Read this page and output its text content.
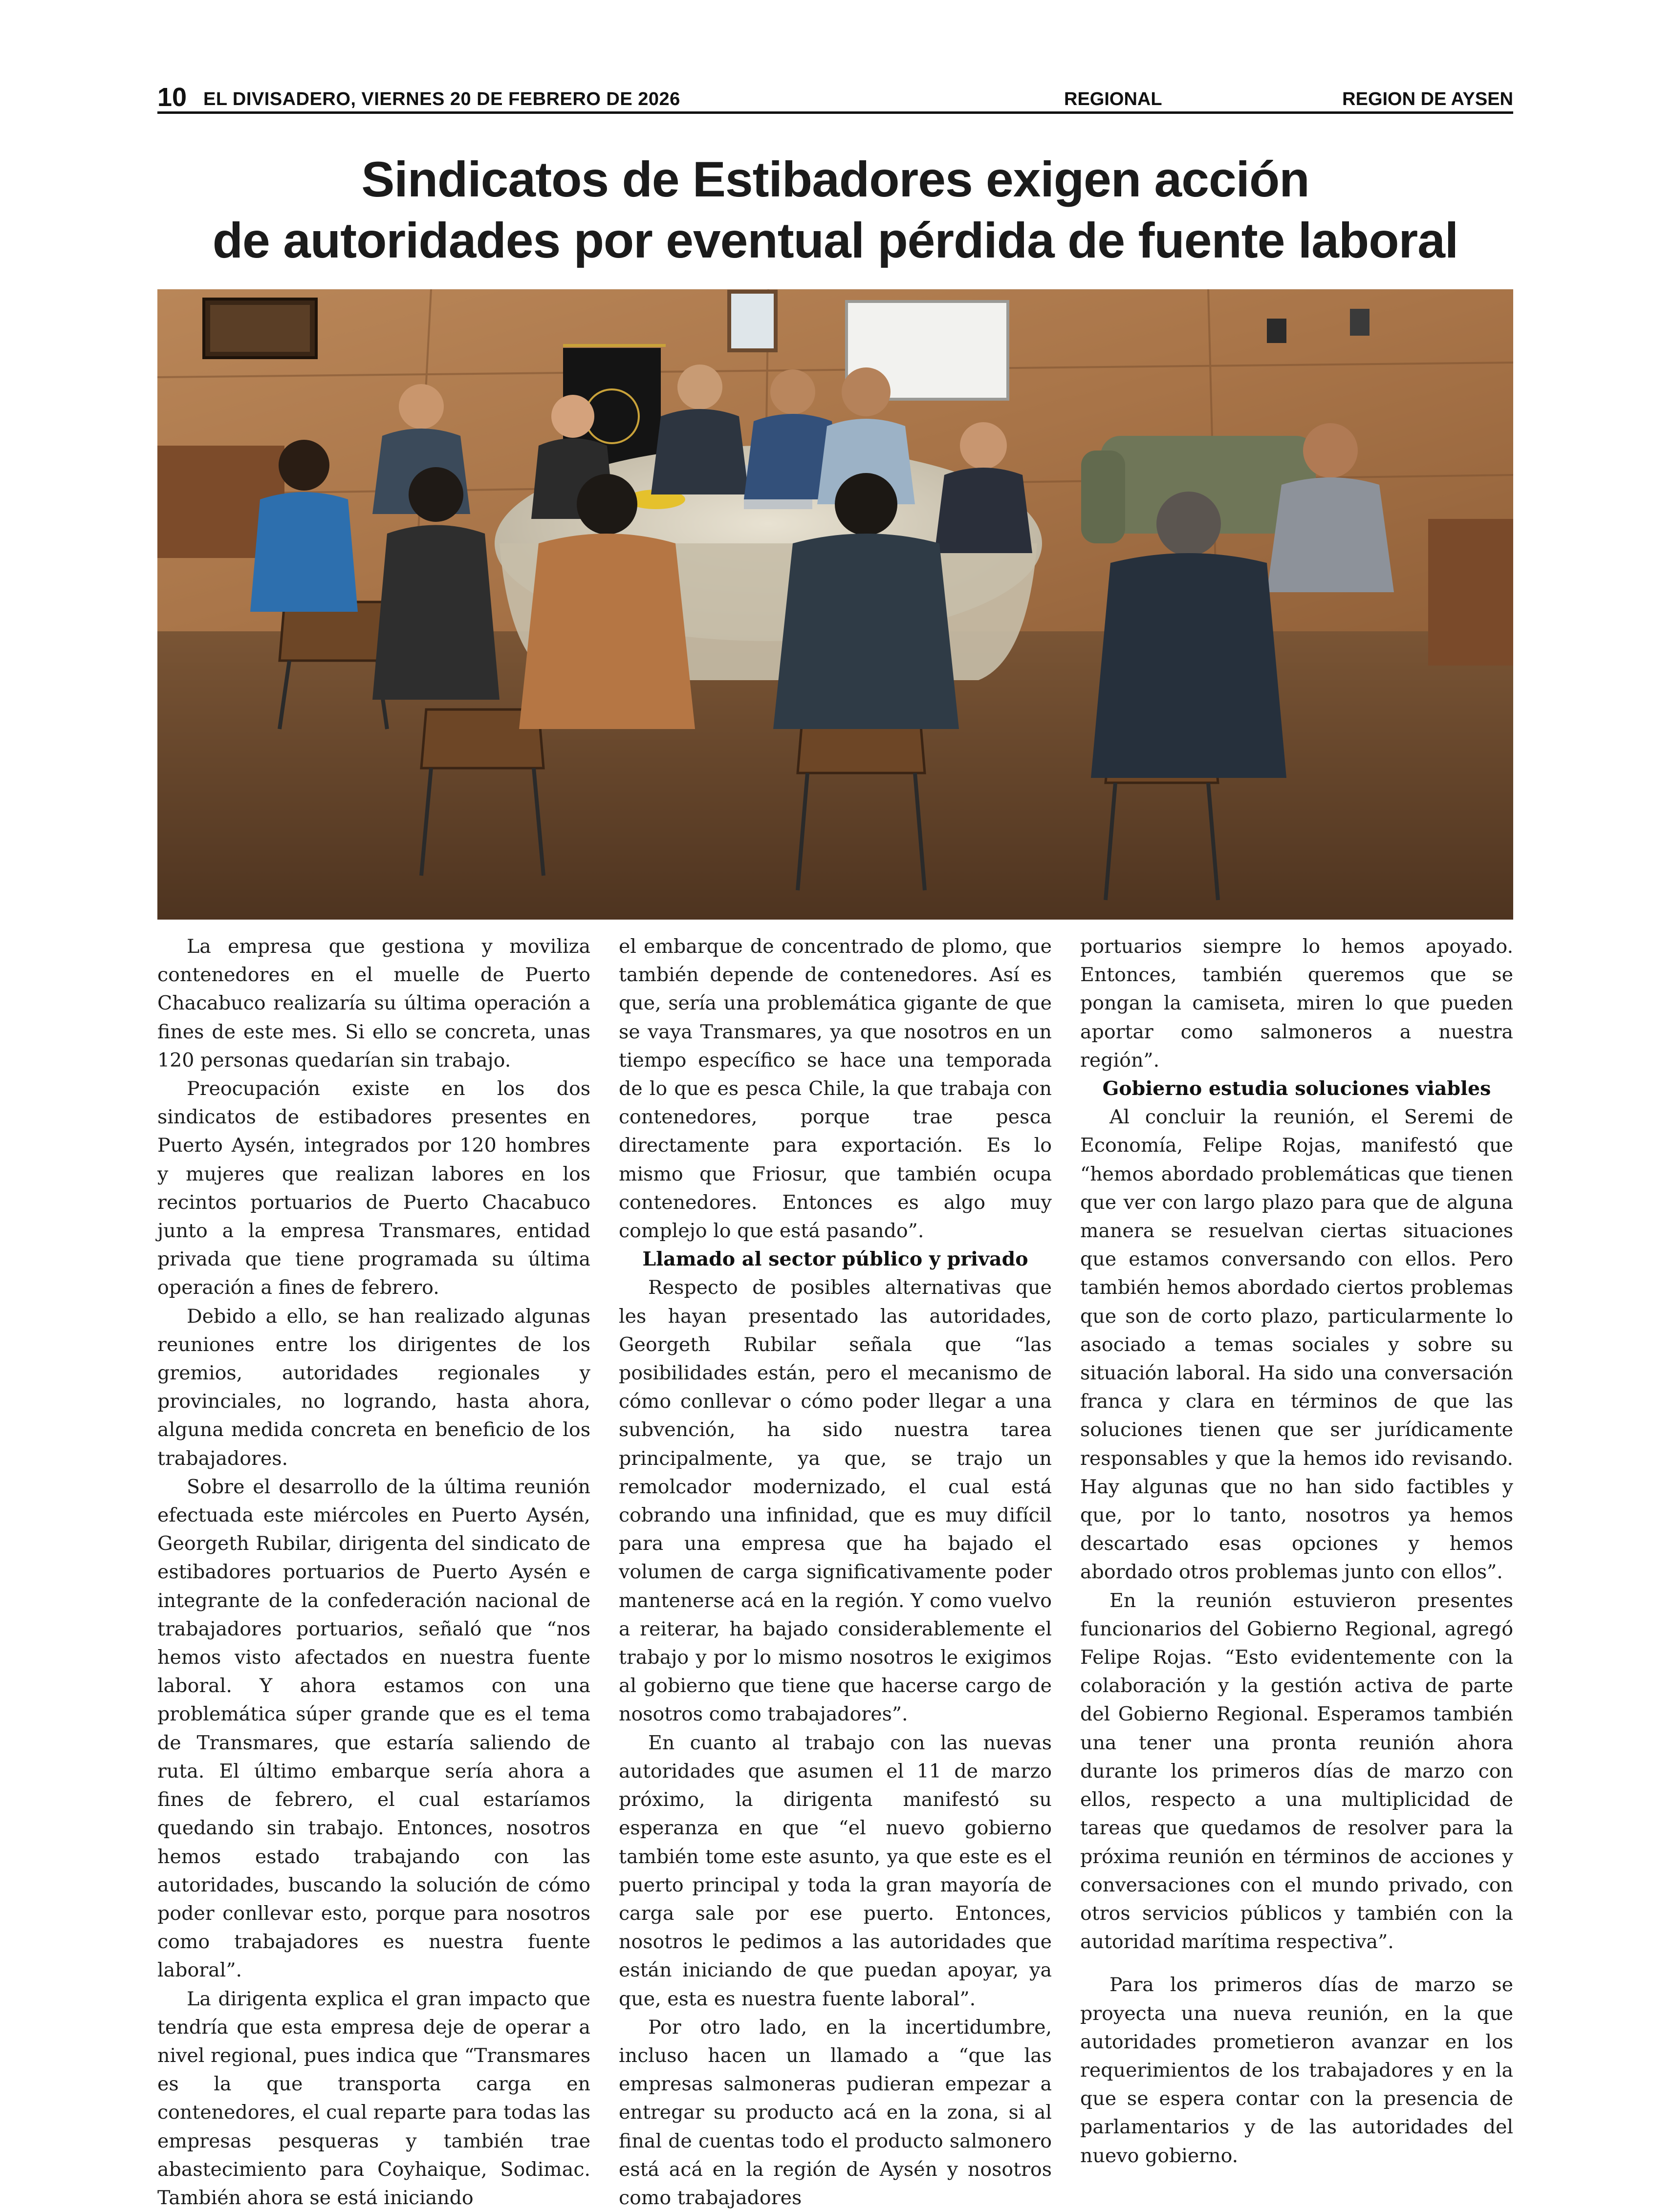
10 EL DIVISADERO, VIERNES 20 DE FEBRERO DE 2026	REGIONAL	REGION DE AYSEN
Sindicatos de Estibadores exigen acción
de autoridades por eventual pérdida de fuente laboral

La empresa que gestiona y moviliza contenedores en el muelle de Puerto Chacabuco realizaría su última operación a fines de este mes. Si ello se concreta, unas 120 personas quedarían sin trabajo.

Preocupación existe en los dos sindicatos de estibadores presentes en Puerto Aysén, integrados por 120 hombres y mujeres que realizan labores en los recintos portuarios de Puerto Chacabuco junto a la empresa Transmares, entidad privada que tiene programada su última operación a fines de febrero.

Debido a ello, se han realizado algunas reuniones entre los dirigentes de los gremios, autoridades regionales y provinciales, no logrando, hasta ahora, alguna medida concreta en beneficio de los trabajadores.

Sobre el desarrollo de la última reunión efectuada este miércoles en Puerto Aysén, Georgeth Rubilar, dirigenta del sindicato de estibadores portuarios de Puerto Aysén e integrante de la confederación nacional de trabajadores portuarios, señaló que “nos hemos visto afectados en nuestra fuente laboral. Y ahora estamos con una problemática súper grande que es el tema de Transmares, que estaría saliendo de ruta. El último embarque sería ahora a fines de febrero, el cual estaríamos quedando sin trabajo. Entonces, nosotros hemos estado trabajando con las autoridades, buscando la solución de cómo poder conllevar esto, porque para nosotros como trabajadores es nuestra fuente laboral”.

La dirigenta explica el gran impacto que tendría que esta empresa deje de operar a nivel regional, pues indica que “Transmares es la que transporta carga en contenedores, el cual reparte para todas las empresas pesqueras y también trae abastecimiento para Coyhaique, Sodimac. También ahora se está iniciando

el embarque de concentrado de plomo, que también depende de contenedores. Así es que, sería una problemática gigante de que se vaya Transmares, ya que nosotros en un tiempo específico se hace una temporada de lo que es pesca Chile, la que trabaja con contenedores, porque trae pesca directamente para exportación. Es lo mismo que Friosur, que también ocupa contenedores. Entonces es algo muy complejo lo que está pasando”.

Llamado al sector público y privado

Respecto de posibles alternativas que les hayan presentado las autoridades, Georgeth Rubilar señala que “las posibilidades están, pero el mecanismo de cómo conllevar o cómo poder llegar a una subvención, ha sido nuestra tarea principalmente, ya que, se trajo un remolcador modernizado, el cual está cobrando una infinidad, que es muy difícil para una empresa que ha bajado el volumen de carga significativamente poder mantenerse acá en la región. Y como vuelvo a reiterar, ha bajado considerablemente el trabajo y por lo mismo nosotros le exigimos al gobierno que tiene que hacerse cargo de nosotros como trabajadores”.

En cuanto al trabajo con las nuevas autoridades que asumen el 11 de marzo próximo, la dirigenta manifestó su esperanza en que “el nuevo gobierno también tome este asunto, ya que este es el puerto principal y toda la gran mayoría de carga sale por ese puerto. Entonces, nosotros le pedimos a las autoridades que están iniciando de que puedan apoyar, ya que, esta es nuestra fuente laboral”.

Por otro lado, en la incertidumbre, incluso hacen un llamado a “que las empresas salmoneras pudieran empezar a entregar su producto acá en la zona, si al final de cuentas todo el producto salmonero está acá en la región de Aysén y nosotros como trabajadores

portuarios siempre lo hemos apoyado. Entonces, también queremos que se pongan la camiseta, miren lo que pueden aportar como salmoneros a nuestra región”.

Gobierno estudia soluciones viables

Al concluir la reunión, el Seremi de Economía, Felipe Rojas, manifestó que “hemos abordado problemáticas que tienen que ver con largo plazo para que de alguna manera se resuelvan ciertas situaciones que estamos conversando con ellos. Pero también hemos abordado ciertos problemas que son de corto plazo, particularmente lo asociado a temas sociales y sobre su situación laboral. Ha sido una conversación franca y clara en términos de que las soluciones tienen que ser jurídicamente responsables y que la hemos ido revisando. Hay algunas que no han sido factibles y que, por lo tanto, nosotros ya hemos descartado esas opciones y hemos abordado otros problemas junto con ellos”.

En la reunión estuvieron presentes funcionarios del Gobierno Regional, agregó Felipe Rojas. “Esto evidentemente con la colaboración y la gestión activa de parte del Gobierno Regional. Esperamos también una tener una pronta reunión ahora durante los primeros días de marzo con ellos, respecto a una multiplicidad de tareas que quedamos de resolver para la próxima reunión en términos de acciones y conversaciones con el mundo privado, con otros servicios públicos y también con la autoridad marítima respectiva”.

Para los primeros días de marzo se proyecta una nueva reunión, en la que autoridades prometieron avanzar en los requerimientos de los trabajadores y en la que se espera contar con la presencia de parlamentarios y de las autoridades del nuevo gobierno.
